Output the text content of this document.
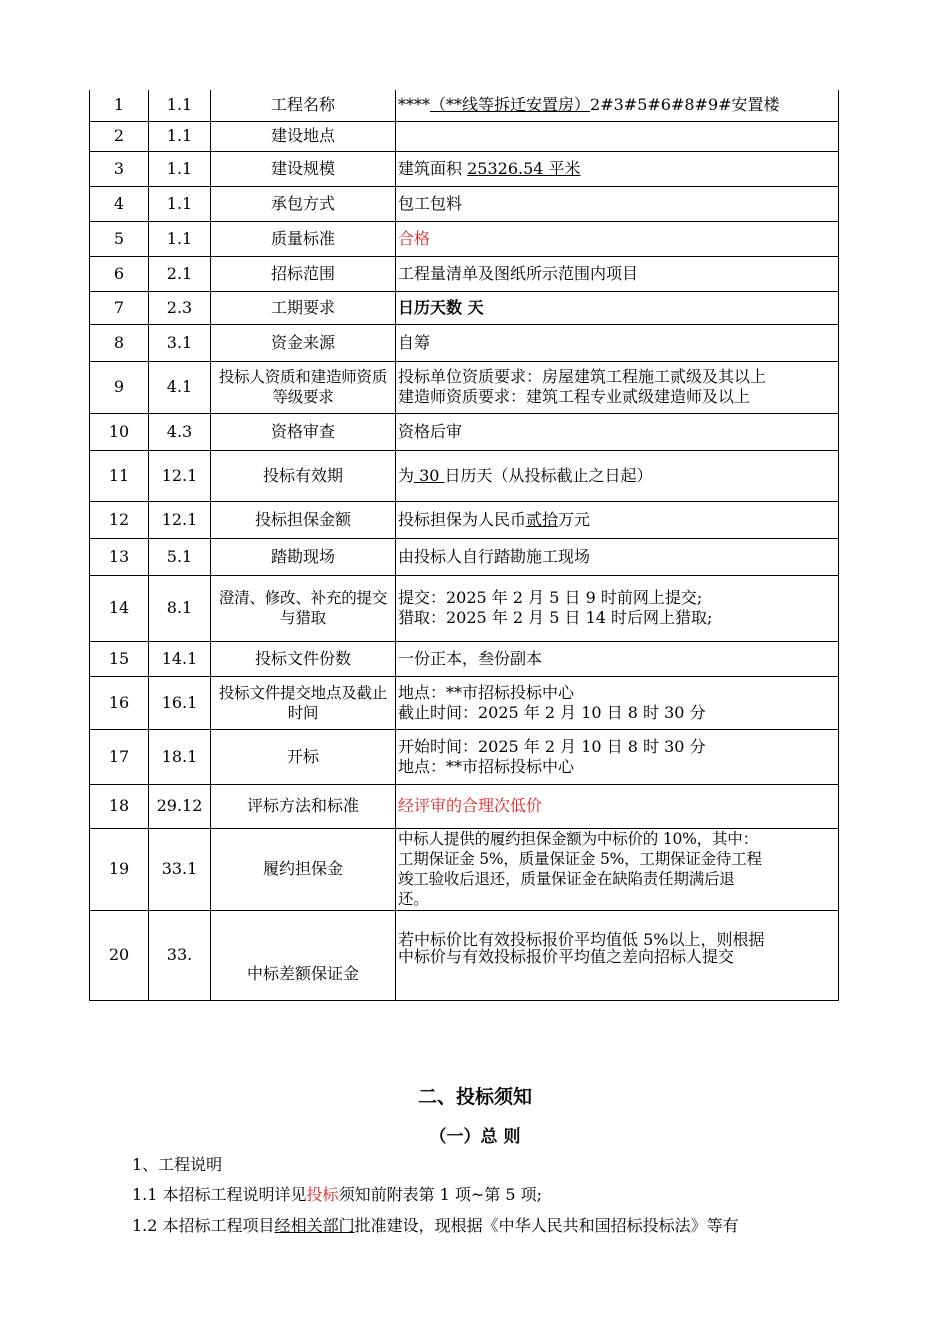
1	1.1	工程名称	****（**线等拆迁安置房）2#3#5#6#8#9#安置楼

2	1.1	建设地点	

3	1.1	建设规模	建筑面积 25326.54 平米

4	1.1	承包方式	包工包料

5	1.1	质量标准	合格

6	2.1	招标范围	工程量清单及图纸所示范围内项目

7	2.3	工期要求	日历天数 天

8	3.1	资金来源	自筹

9	4.1	投标人资质和建造师资质等级要求	投标单位资质要求：房屋建筑工程施工贰级及其以上
建造师资质要求：建筑工程专业贰级建造师及以上

10	4.3	资格审查	资格后审

11	12.1	投标有效期	为 30 日历天（从投标截止之日起）

12	12.1	投标担保金额	投标担保为人民币贰拾万元

13	5.1	踏勘现场	由投标人自行踏勘施工现场

14	8.1	澄清、修改、补充的提交与猎取	提交：2025 年 2 月 5 日 9 时前网上提交;
猎取：2025 年 2 月 5 日 14 时后网上猎取;

15	14.1	投标文件份数	一份正本，叁份副本

16	16.1	投标文件提交地点及截止时间	地点：**市招标投标中心
截止时间：2025 年 2 月 10 日 8 时 30 分

17	18.1	开标	开始时间：2025 年 2 月 10 日 8 时 30 分
地点：**市招标投标中心

18	29.12	评标方法和标准	经评审的合理次低价

19	33.1	履约担保金	中标人提供的履约担保金额为中标价的 10%，其中：
工期保证金 5%，质量保证金 5%，工期保证金待工程
竣工验收后退还，质量保证金在缺陷责任期满后退
还。

20	33.	中标差额保证金	若中标价比有效投标报价平均值低 5%以上，则根据
中标价与有效投标报价平均值之差向招标人提交
二、投标须知
（一）总 则
1、工程说明
1.1 本招标工程说明详见投标须知前附表第 1 项~第 5 项;
1.2 本招标工程项目经相关部门批准建设，现根据《中华人民共和国招标投标法》等有
